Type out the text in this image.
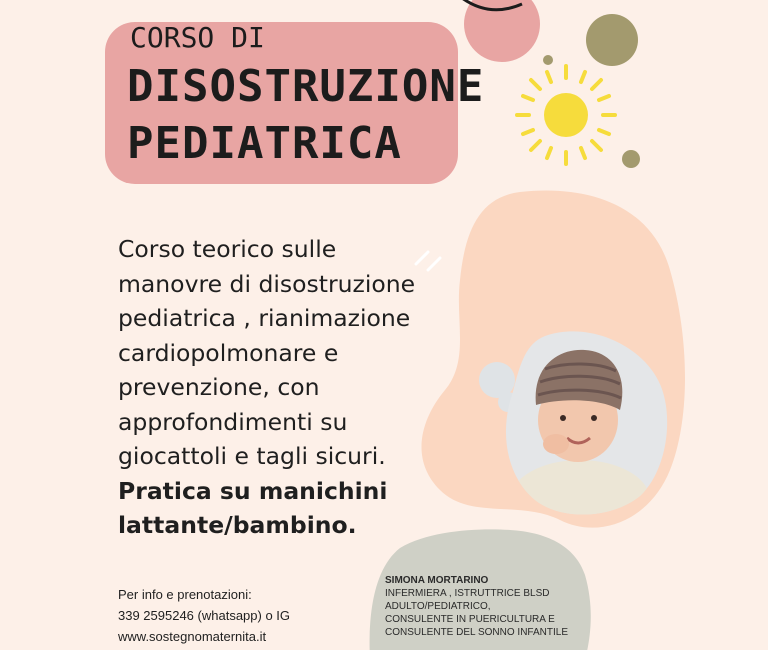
CORSO DI
DISOSTRUZIONE
PEDIATRICA

Corso teorico sulle

manovre di disostruzione

pediatrica , rianimazione

cardiopolmonare e

prevenzione, con

approfondimenti su

giocattoli e tagli sicuri.

Pratica su manichini

lattante/bambino.

Per info e prenotazioni:
339 2595246 (whatsapp) o IG
www.sostegnomaternita.it
SIMONA MORTARINO
INFERMIERA , ISTRUTTRICE BLSD
ADULTO/PEDIATRICO,
CONSULENTE IN PUERICULTURA E
CONSULENTE DEL SONNO INFANTILE
